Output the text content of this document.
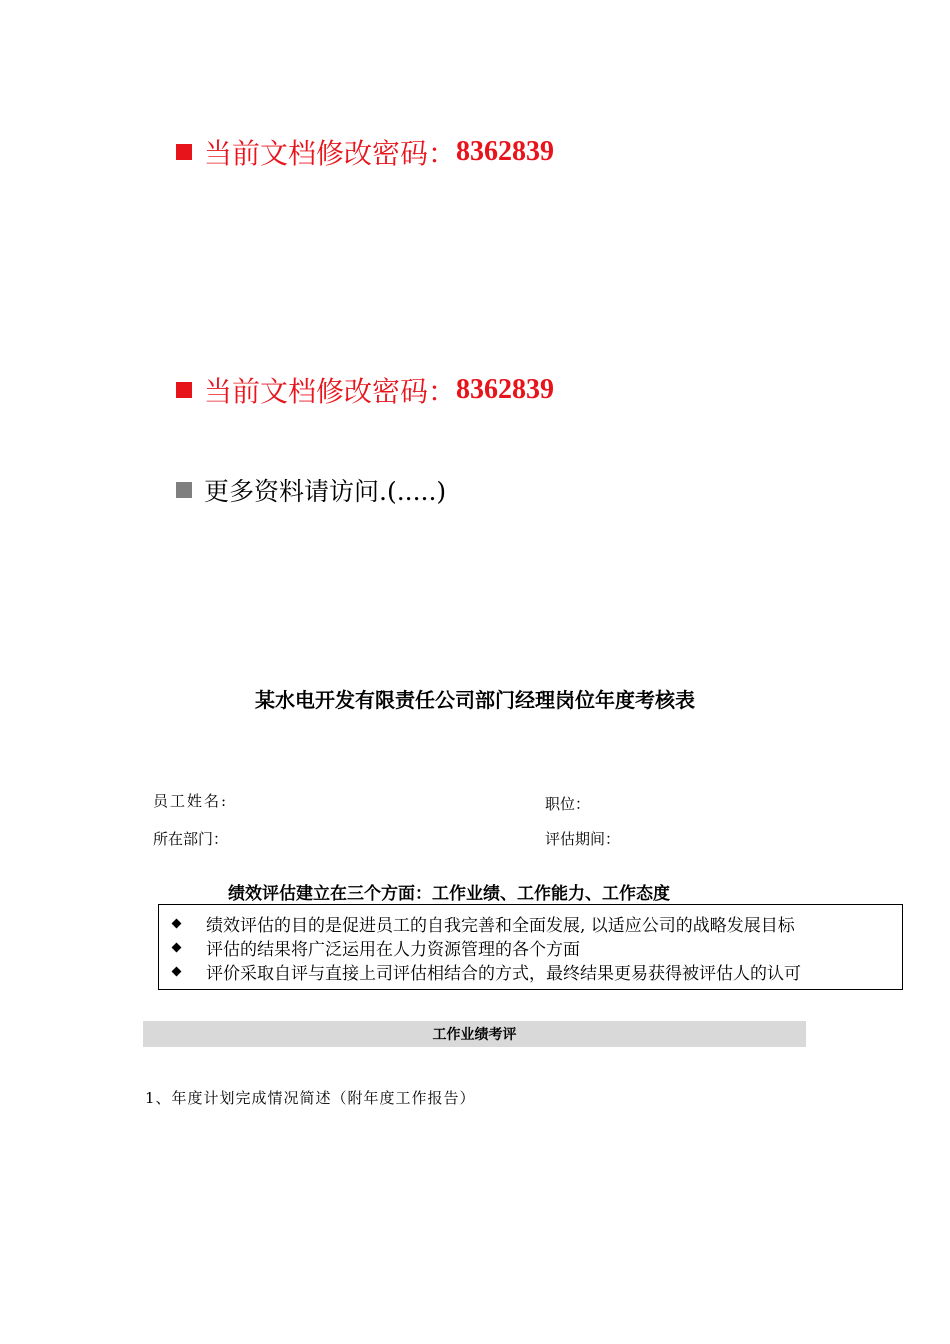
当前文档修改密码： 8362839
当前文档修改密码： 8362839
更多资料请访问.(.....)
某水电开发有限责任公司部门经理岗位年度考核表
员工姓名:	职位：
所在部门：	评估期间：
绩效评估建立在三个方面：工作业绩、工作能力、工作态度
绩效评估的目的是促进员工的自我完善和全面发展, 以适应公司的战略发展目标
评估的结果将广泛运用在人力资源管理的各个方面
评价采取自评与直接上司评估相结合的方式，最终结果更易获得被评估人的认可
工作业绩考评
1、年度计划完成情况简述（附年度工作报告）
